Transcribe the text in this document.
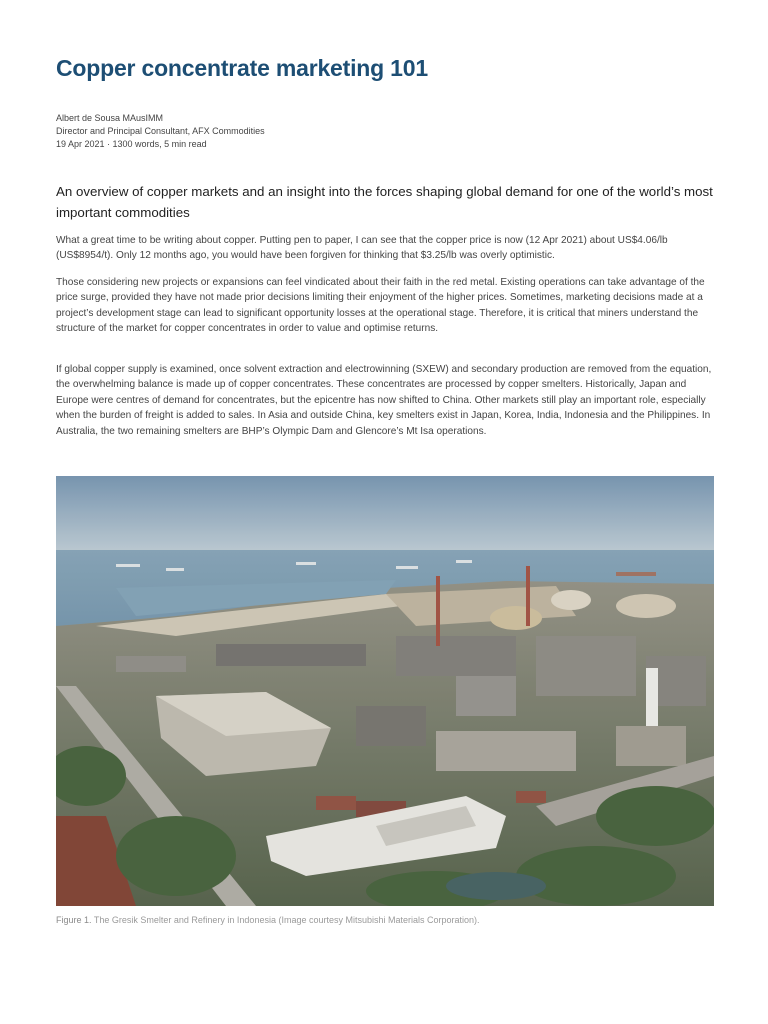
Copper concentrate marketing 101
Albert de Sousa MAusIMM
Director and Principal Consultant, AFX Commodities
19 Apr 2021 · 1300 words, 5 min read

An overview of copper markets and an insight into the forces shaping global demand for one of the world’s most important commodities

What a great time to be writing about copper. Putting pen to paper, I can see that the copper price is now (12 Apr 2021) about US$4.06/lb (US$8954/t). Only 12 months ago, you would have been forgiven for thinking that $3.25/lb was overly optimistic.

Those considering new projects or expansions can feel vindicated about their faith in the red metal. Existing operations can take advantage of the price surge, provided they have not made prior decisions limiting their enjoyment of the higher prices. Sometimes, marketing decisions made at a project’s development stage can lead to significant opportunity losses at the operational stage. Therefore, it is critical that miners understand the structure of the market for copper concentrates in order to value and optimise returns.

If global copper supply is examined, once solvent extraction and electrowinning (SXEW) and secondary production are removed from the equation, the overwhelming balance is made up of copper concentrates. These concentrates are processed by copper smelters. Historically, Japan and Europe were centres of demand for concentrates, but the epicentre has now shifted to China. Other markets still play an important role, especially when the burden of freight is added to sales. In Asia and outside China, key smelters exist in Japan, Korea, India, Indonesia and the Philippines. In Australia, the two remaining smelters are BHP’s Olympic Dam and Glencore’s Mt Isa operations.

Figure 1. The Gresik Smelter and Refinery in Indonesia (Image courtesy Mitsubishi Materials Corporation).
